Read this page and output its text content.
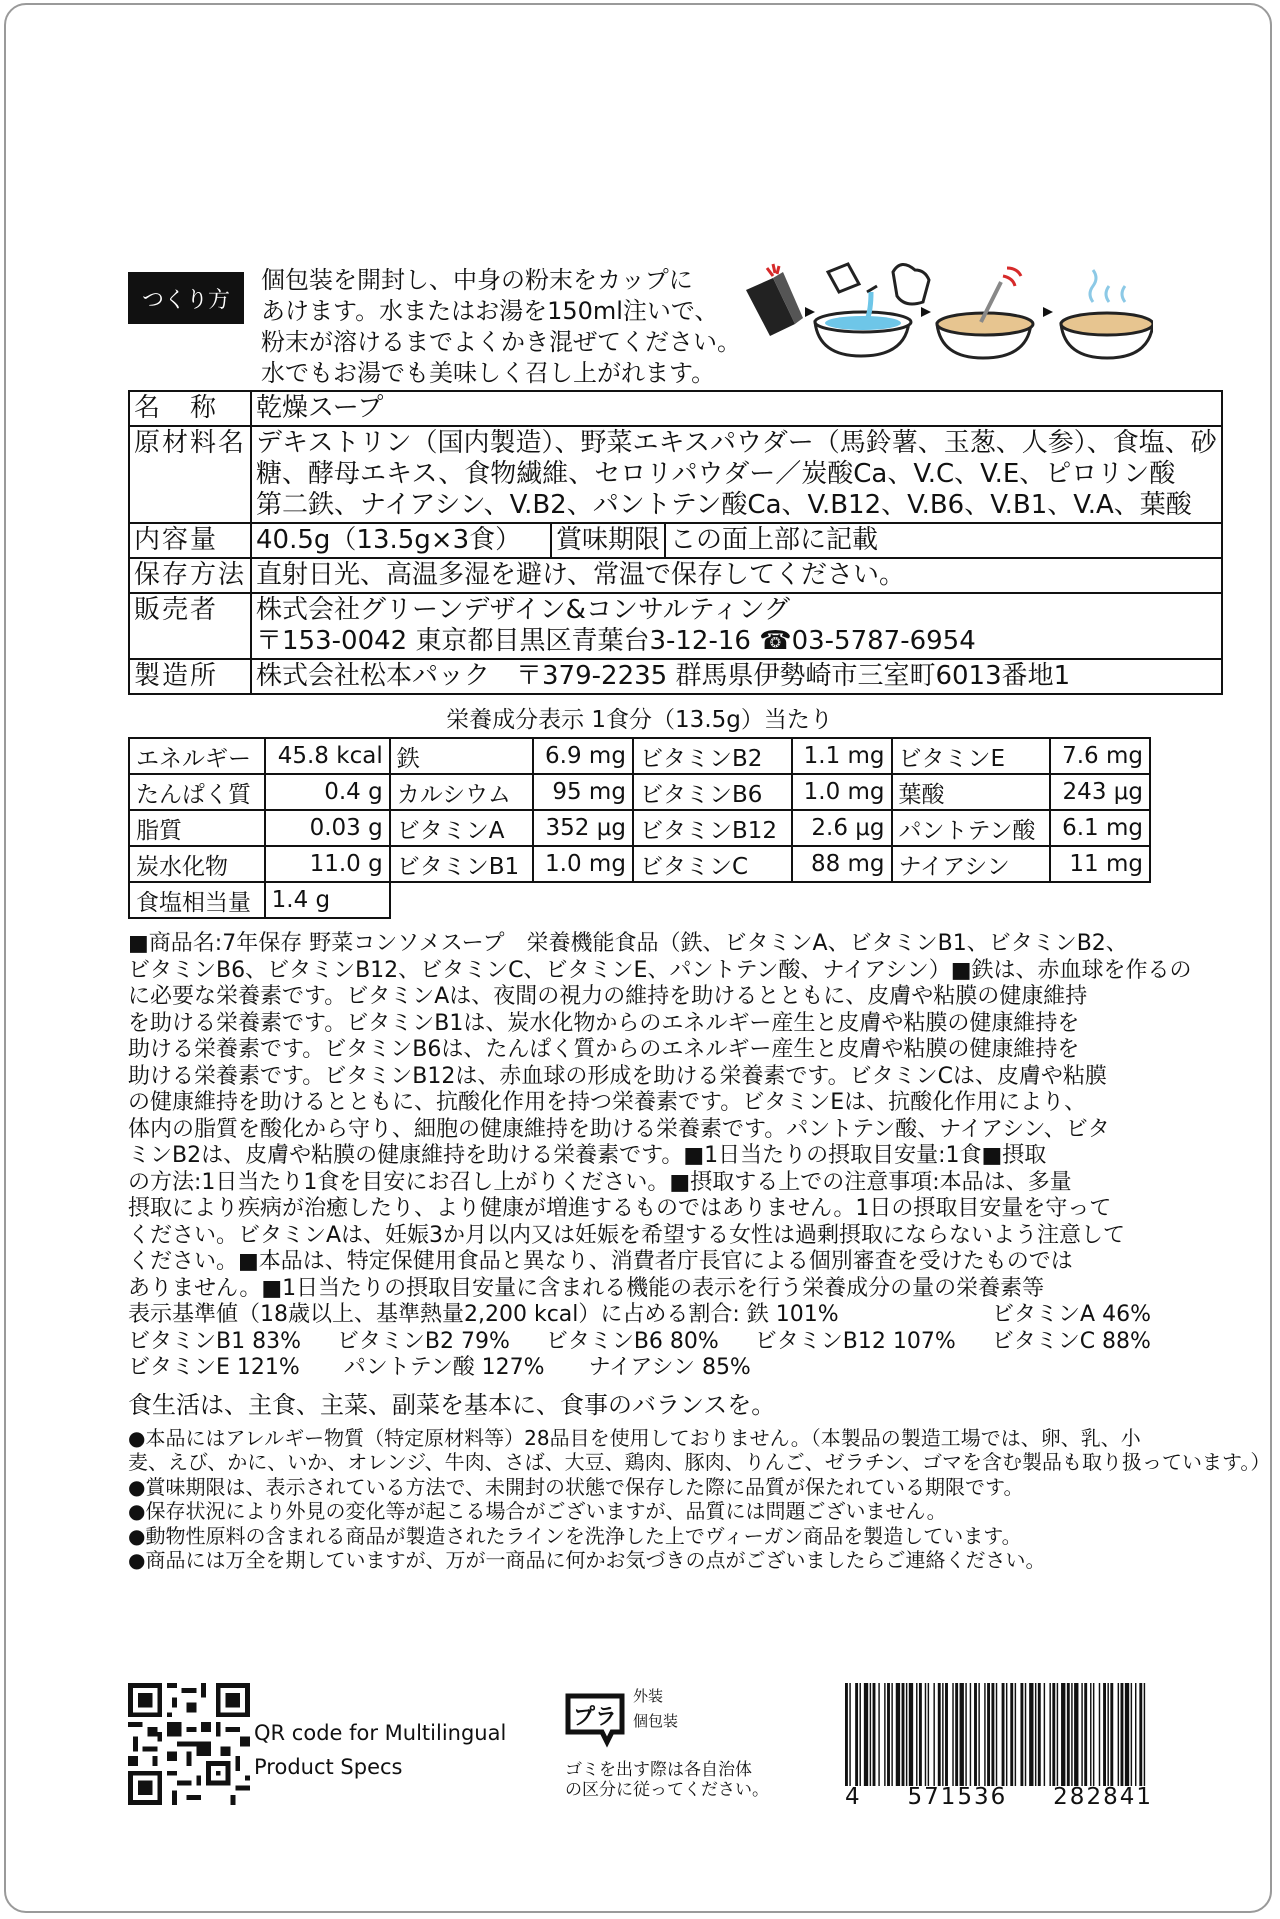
つくり方
個包装を開封し、中身の粉末をカップに
あけます。水またはお湯を150ml注いで、
粉末が溶けるまでよくかき混ぜてください。
水でもお湯でも美味しく召し上がれます。
名　称	乾燥スープ		
原材料名	デキストリン（国内製造）、野菜エキスパウダー（馬鈴薯、玉葱、人参）、食塩、砂
糖、酵母エキス、食物繊維、セロリパウダー／炭酸Ca、V.C、V.E、ピロリン酸
第二鉄、ナイアシン、V.B2、パントテン酸Ca、V.B12、V.B6、V.B1、V.A、葉酸		

内容量	40.5g（13.5g×3食）	賞味期限	この面上部に記載
保存方法	直射日光、高温多湿を避け、常温で保存してください。		
販売者	株式会社グリーンデザイン&コンサルティング
〒153-0042 東京都目黒区青葉台3-12-16 ☎03-5787-6954		

製造所	株式会社松本パック　〒379-2235 群馬県伊勢崎市三室町6013番地1		
栄養成分表示 1食分（13.5g）当たり
エネルギー	45.8 kcal	鉄	6.9 mg	ビタミンB2	1.1 mg	ビタミンE	7.6 mg
たんぱく質	0.4 g	カルシウム	95 mg	ビタミンB6	1.0 mg	葉酸	243 μg
脂質	0.03 g	ビタミンA	352 μg	ビタミンB12	2.6 μg	パントテン酸	6.1 mg
炭水化物	11.0 g	ビタミンB1	1.0 mg	ビタミンC	88 mg	ナイアシン	11 mg
食塩相当量	1.4 g						
■商品名:7年保存 野菜コンソメスープ　栄養機能食品（鉄、ビタミンA、ビタミンB1、ビタミンB2、
ビタミンB6、ビタミンB12、ビタミンC、ビタミンE、パントテン酸、ナイアシン）■鉄は、赤血球を作るの
に必要な栄養素です。ビタミンAは、夜間の視力の維持を助けるとともに、皮膚や粘膜の健康維持
を助ける栄養素です。ビタミンB1は、炭水化物からのエネルギー産生と皮膚や粘膜の健康維持を
助ける栄養素です。ビタミンB6は、たんぱく質からのエネルギー産生と皮膚や粘膜の健康維持を
助ける栄養素です。ビタミンB12は、赤血球の形成を助ける栄養素です。ビタミンCは、皮膚や粘膜
の健康維持を助けるとともに、抗酸化作用を持つ栄養素です。ビタミンEは、抗酸化作用により、
体内の脂質を酸化から守り、細胞の健康維持を助ける栄養素です。パントテン酸、ナイアシン、ビタ
ミンB2は、皮膚や粘膜の健康維持を助ける栄養素です。■1日当たりの摂取目安量:1食■摂取
の方法:1日当たり1食を目安にお召し上がりください。■摂取する上での注意事項:本品は、多量
摂取により疾病が治癒したり、より健康が増進するものではありません。1日の摂取目安量を守って
ください。ビタミンAは、妊娠3か月以内又は妊娠を希望する女性は過剰摂取にならないよう注意して
ください。■本品は、特定保健用食品と異なり、消費者庁長官による個別審査を受けたものでは
ありません。■1日当たりの摂取目安量に含まれる機能の表示を行う栄養成分の量の栄養素等
表示基準値（18歳以上、基準熱量2,200 kcal）に占める割合: 鉄 101%	ビタミンA 46%
ビタミンB1 83% ビタミンB2 79% ビタミンB6 80% ビタミンB12 107% ビタミンC 88%
ビタミンE 121%　　パントテン酸 127%　　ナイアシン 85%
食生活は、主食、主菜、副菜を基本に、食事のバランスを。

●本品にはアレルギー物質（特定原材料等）28品目を使用しておりません。（本製品の製造工場では、卵、乳、小

麦、えび、かに、いか、オレンジ、牛肉、さば、大豆、鶏肉、豚肉、りんご、ゼラチン、ゴマを含む製品も取り扱っています。）

●賞味期限は、表示されている方法で、未開封の状態で保存した際に品質が保たれている期限です。

●保存状況により外見の変化等が起こる場合がございますが、品質には問題ございません。

●動物性原料の含まれる商品が製造されたラインを洗浄した上でヴィーガン商品を製造しています。

●商品には万全を期していますが、万が一商品に何かお気づきの点がございましたらご連絡ください。

QR code for Multilingual
Product Specs
プラ
外装
個包装
ゴミを出す際は各自治体
の区分に従ってください。	4 571536 282841
